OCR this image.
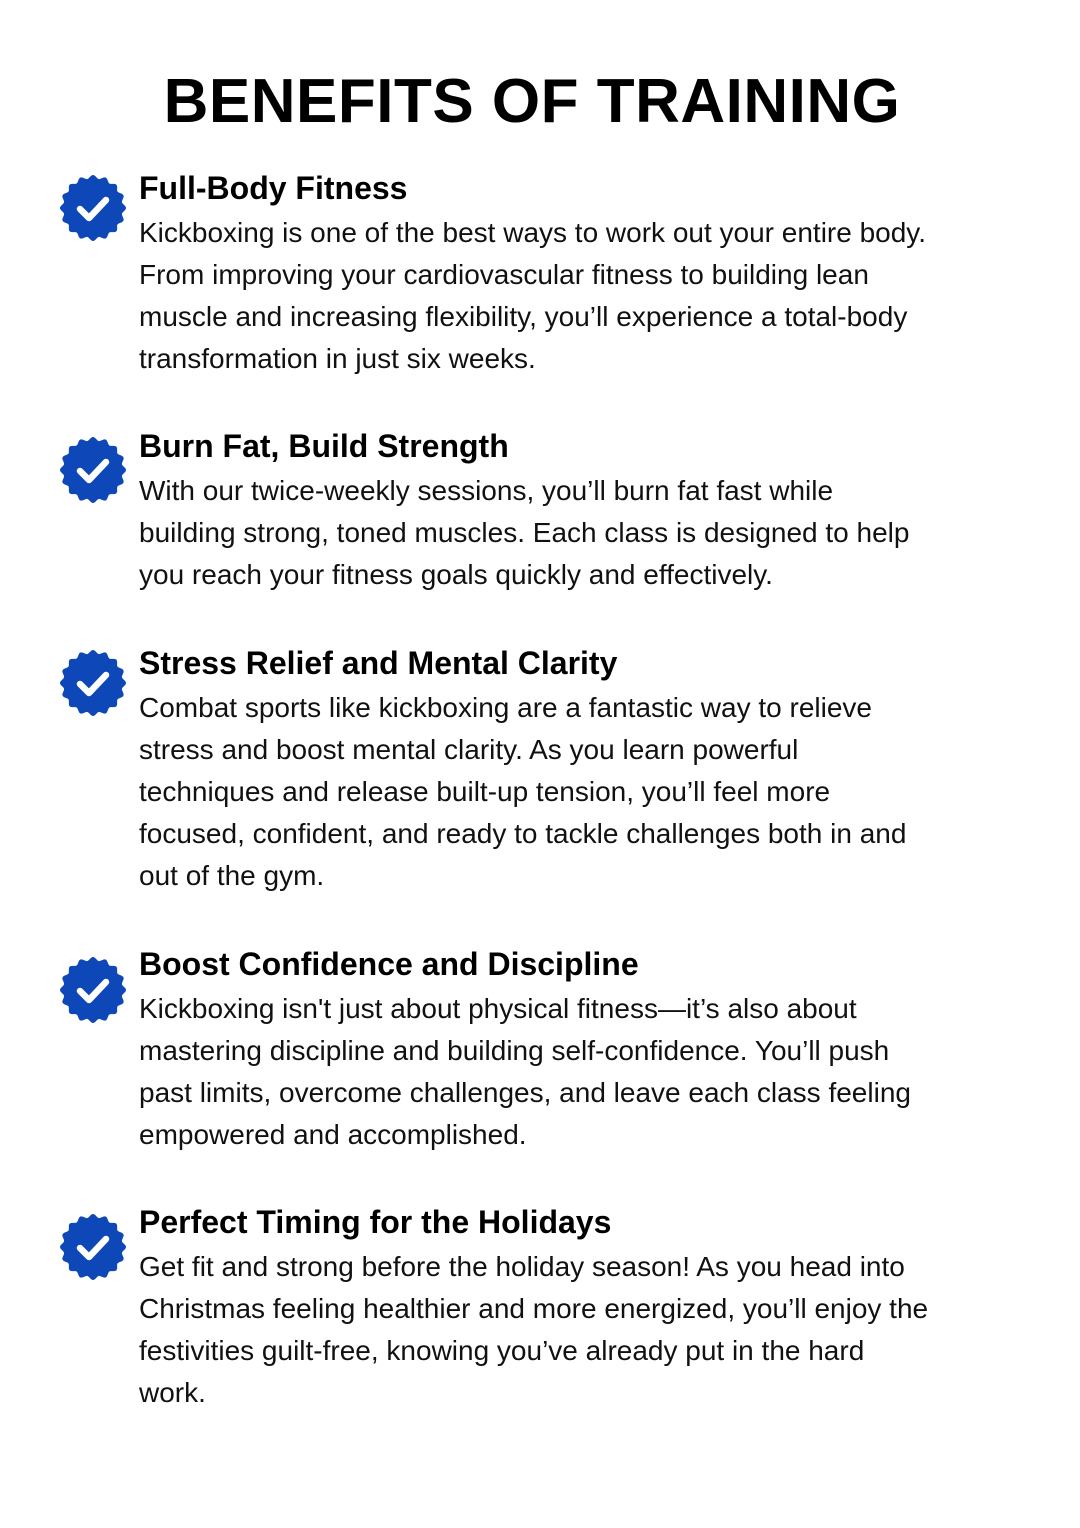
BENEFITS OF TRAINING
Full-Body Fitness

Kickboxing is one of the best ways to work out your entire body.
From improving your cardiovascular fitness to building lean
muscle and increasing flexibility, you’ll experience a total-body
transformation in just six weeks.

Burn Fat, Build Strength

With our twice-weekly sessions, you’ll burn fat fast while
building strong, toned muscles. Each class is designed to help
you reach your fitness goals quickly and effectively.

Stress Relief and Mental Clarity

Combat sports like kickboxing are a fantastic way to relieve
stress and boost mental clarity. As you learn powerful
techniques and release built-up tension, you’ll feel more
focused, confident, and ready to tackle challenges both in and
out of the gym.

Boost Confidence and Discipline

Kickboxing isn't just about physical fitness—it’s also about
mastering discipline and building self-confidence. You’ll push
past limits, overcome challenges, and leave each class feeling
empowered and accomplished.

Perfect Timing for the Holidays

Get fit and strong before the holiday season! As you head into
Christmas feeling healthier and more energized, you’ll enjoy the
festivities guilt-free, knowing you’ve already put in the hard
work.
